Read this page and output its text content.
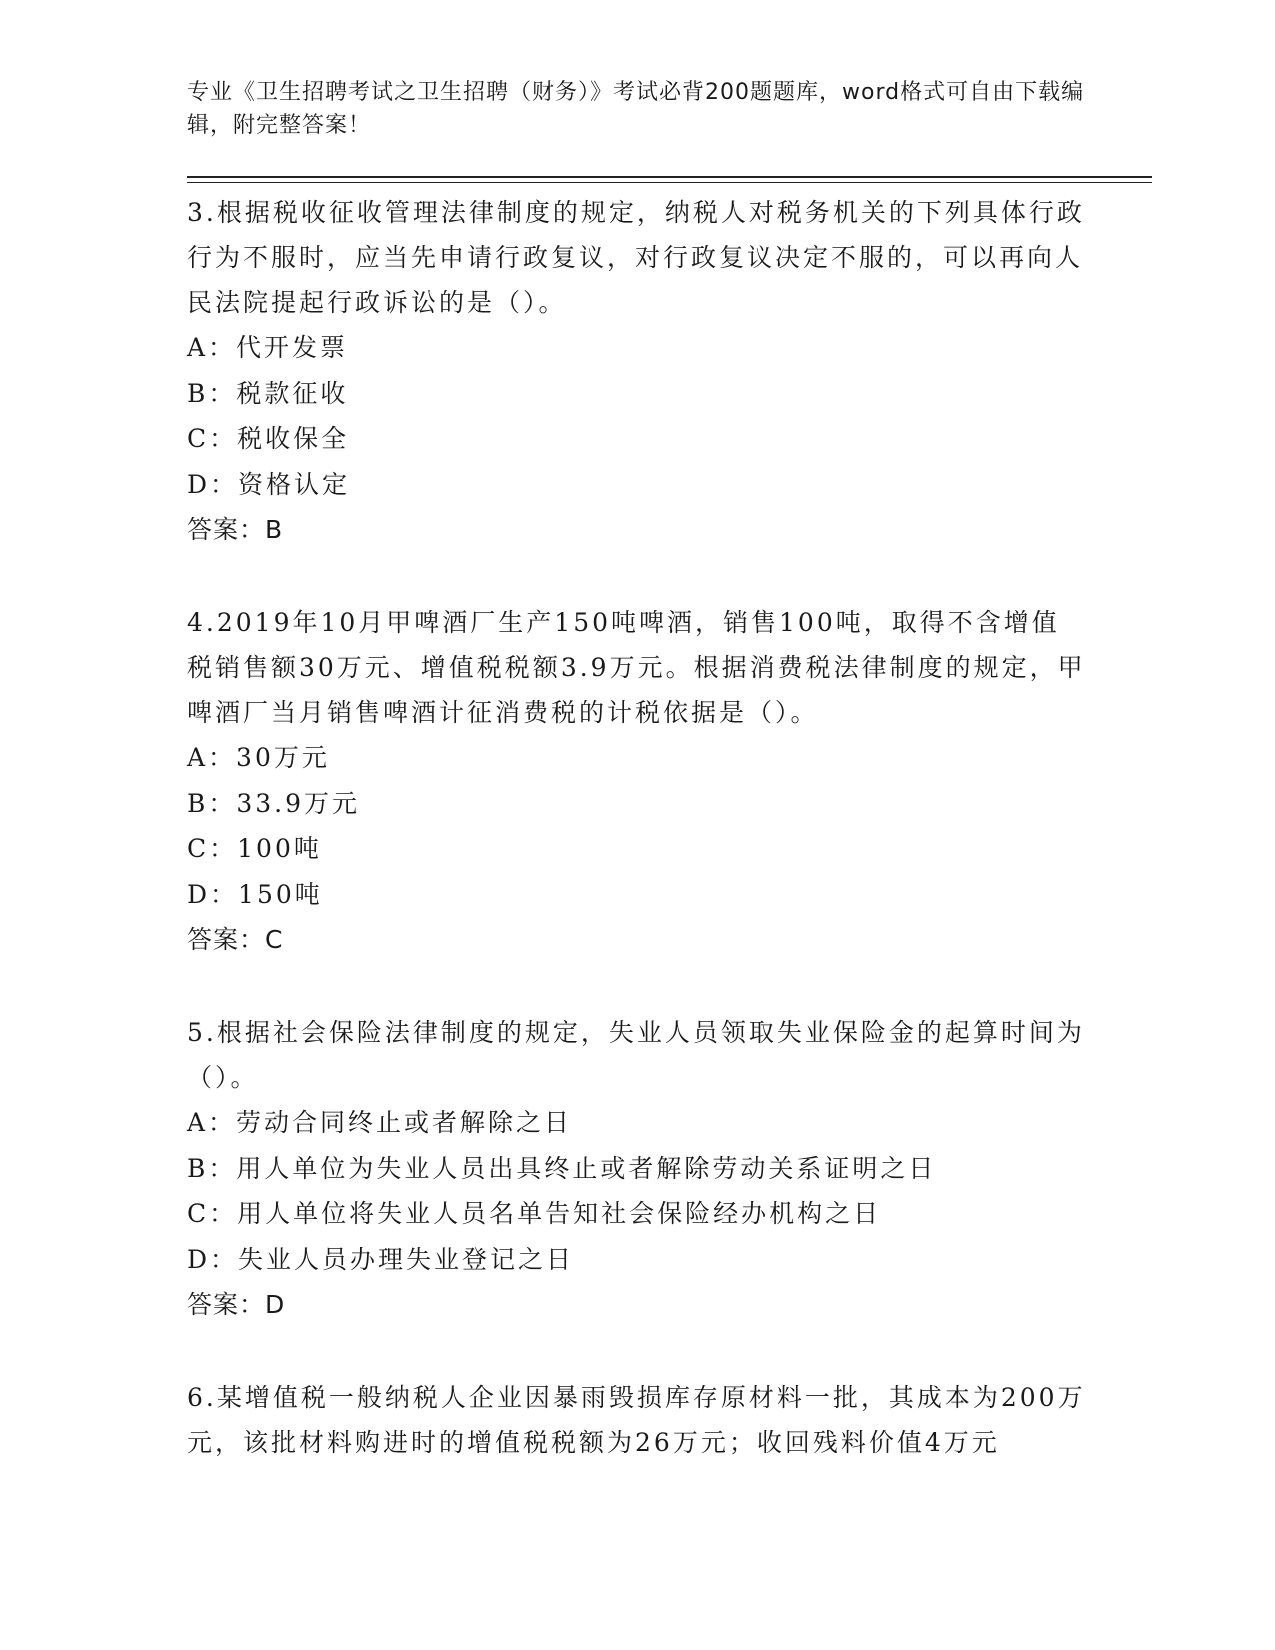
专业《卫生招聘考试之卫生招聘（财务）》考试必背200题题库，word格式可自由下载编辑，附完整答案！

3.根据税收征收管理法律制度的规定，纳税人对税务机关的下列具体行政行为不服时，应当先申请行政复议，对行政复议决定不服的，可以再向人民法院提起行政诉讼的是（）。

A：代开发票

B：税款征收

C：税收保全

D：资格认定

答案：B

4.2019年10月甲啤酒厂生产150吨啤酒，销售100吨，取得不含增值税销售额30万元、增值税税额3.9万元。根据消费税法律制度的规定，甲啤酒厂当月销售啤酒计征消费税的计税依据是（）。

A：30万元

B：33.9万元

C：100吨

D：150吨

答案：C

5.根据社会保险法律制度的规定，失业人员领取失业保险金的起算时间为（）。

A：劳动合同终止或者解除之日

B：用人单位为失业人员出具终止或者解除劳动关系证明之日

C：用人单位将失业人员名单告知社会保险经办机构之日

D：失业人员办理失业登记之日

答案：D

6.某增值税一般纳税人企业因暴雨毁损库存原材料一批，其成本为200万元，该批材料购进时的增值税税额为26万元；收回残料价值4万元
